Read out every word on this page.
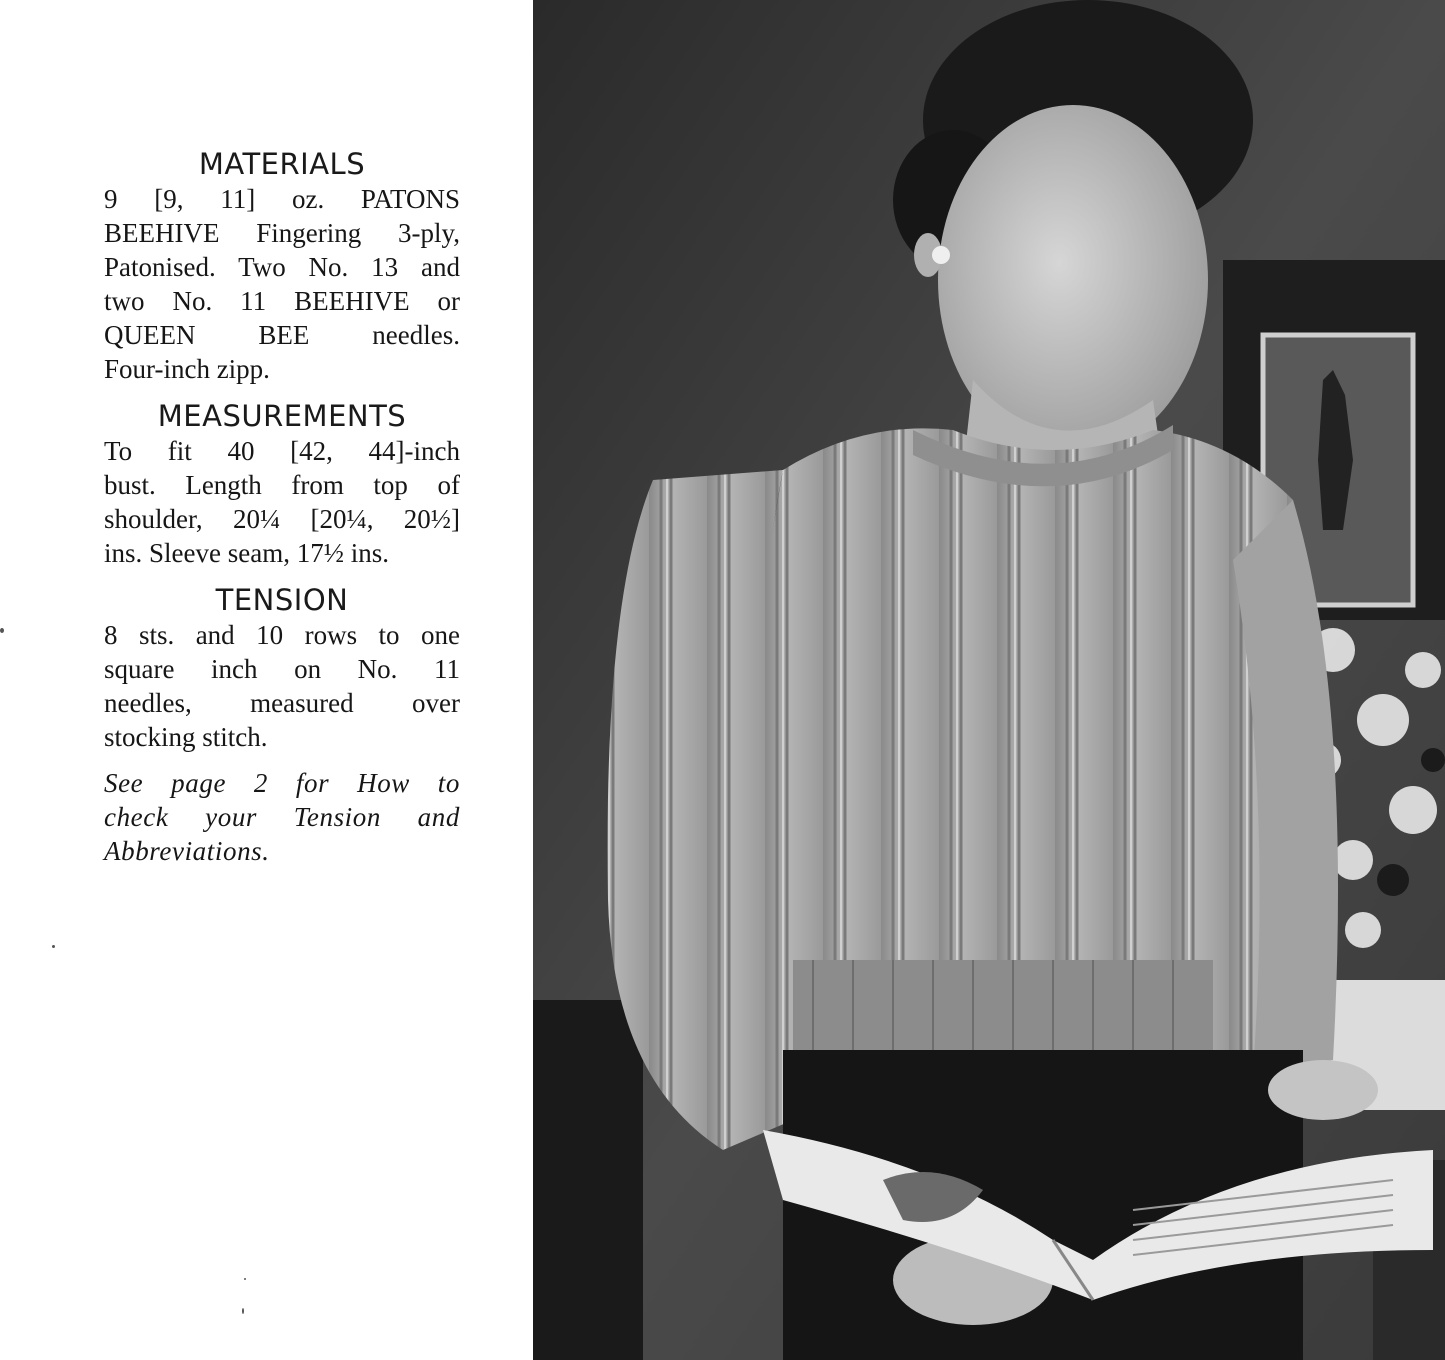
MATERIALS
9 [9, 11] oz. PATONS
BEEHIVE Fingering 3-ply,
Patonised. Two No. 13 and
two No. 11 BEEHIVE or
QUEEN BEE needles.
Four-inch zipp.
MEASUREMENTS
To fit 40 [42, 44]-inch
bust. Length from top of
shoulder, 20¼ [20¼, 20½]
ins. Sleeve seam, 17½ ins.
TENSION
8 sts. and 10 rows to one
square inch on No. 11
needles, measured over
stocking stitch.
See page 2 for How to
check your Tension and
Abbreviations.
